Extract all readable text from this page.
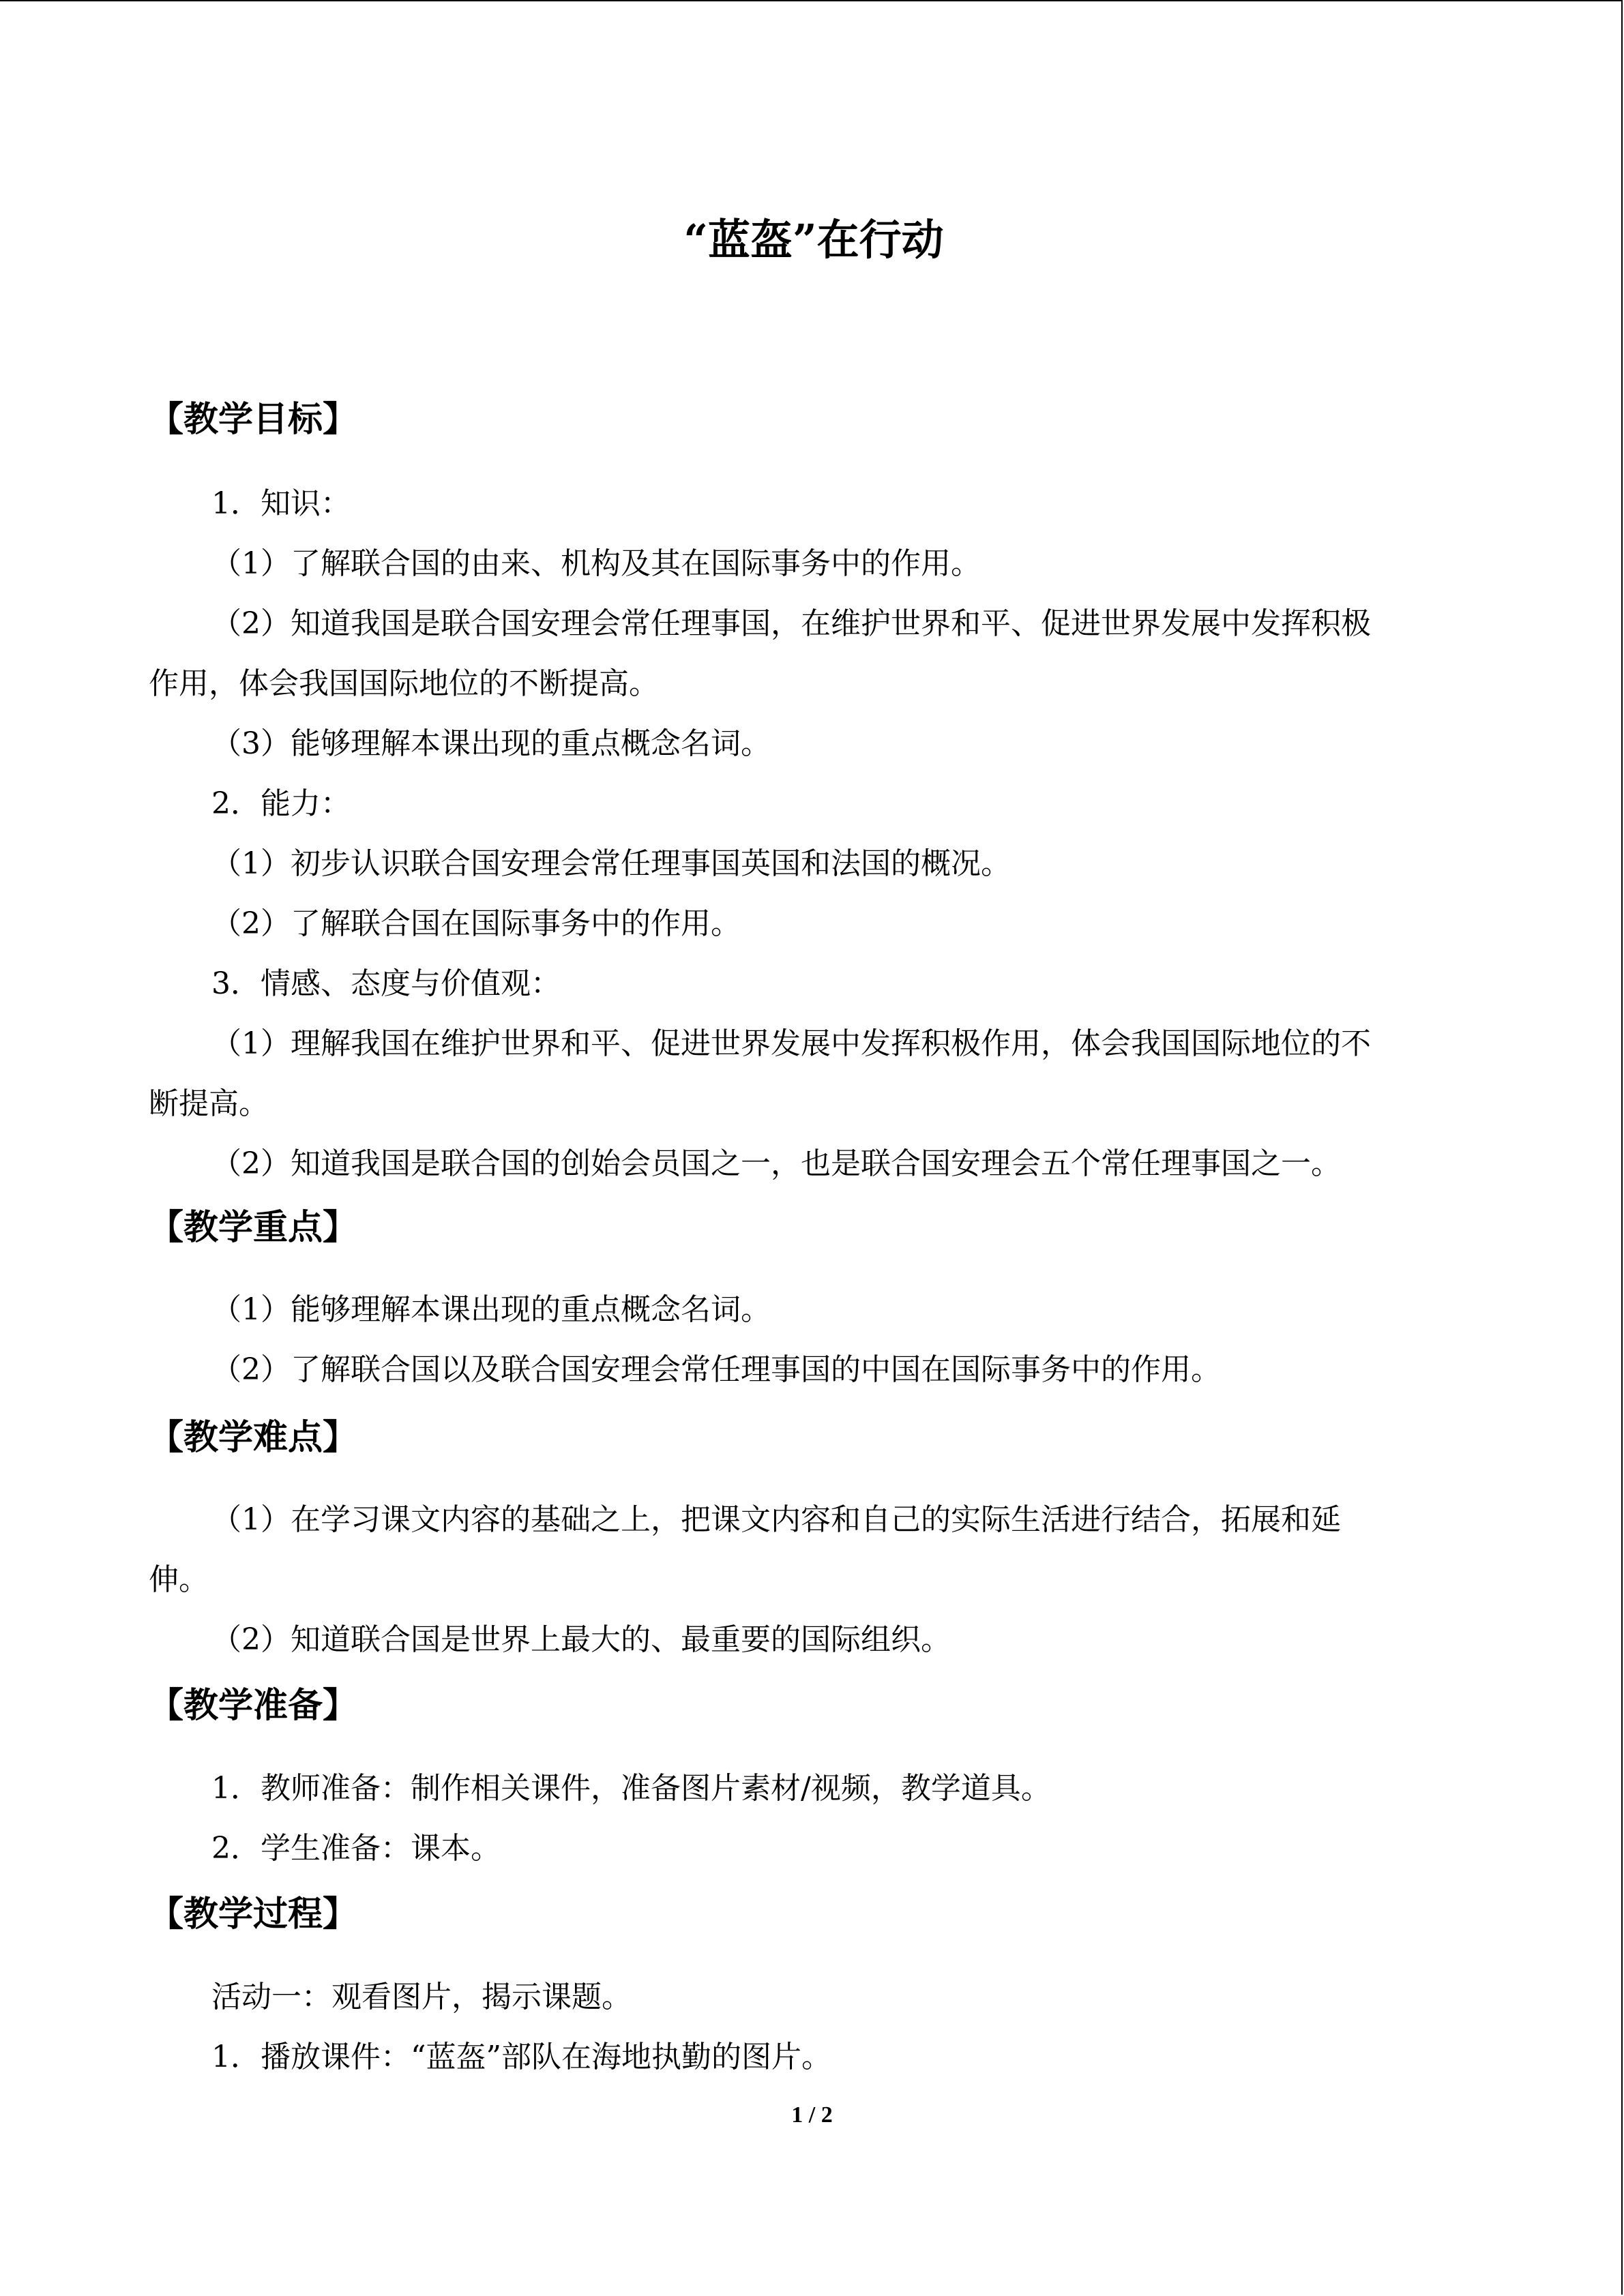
“蓝盔”在行动
【教学目标】
1．知识：
（1）了解联合国的由来、机构及其在国际事务中的作用。
（2）知道我国是联合国安理会常任理事国，在维护世界和平、促进世界发展中发挥积极
作用，体会我国国际地位的不断提高。
（3）能够理解本课出现的重点概念名词。
2．能力：
（1）初步认识联合国安理会常任理事国英国和法国的概况。
（2）了解联合国在国际事务中的作用。
3．情感、态度与价值观：
（1）理解我国在维护世界和平、促进世界发展中发挥积极作用，体会我国国际地位的不
断提高。
（2）知道我国是联合国的创始会员国之一，也是联合国安理会五个常任理事国之一。
【教学重点】
（1）能够理解本课出现的重点概念名词。
（2）了解联合国以及联合国安理会常任理事国的中国在国际事务中的作用。
【教学难点】
（1）在学习课文内容的基础之上，把课文内容和自己的实际生活进行结合，拓展和延
伸。
（2）知道联合国是世界上最大的、最重要的国际组织。
【教学准备】
1．教师准备：制作相关课件，准备图片素材/视频，教学道具。
2．学生准备：课本。
【教学过程】
活动一：观看图片，揭示课题。
1．播放课件：“蓝盔”部队在海地执勤的图片。
1 / 2
